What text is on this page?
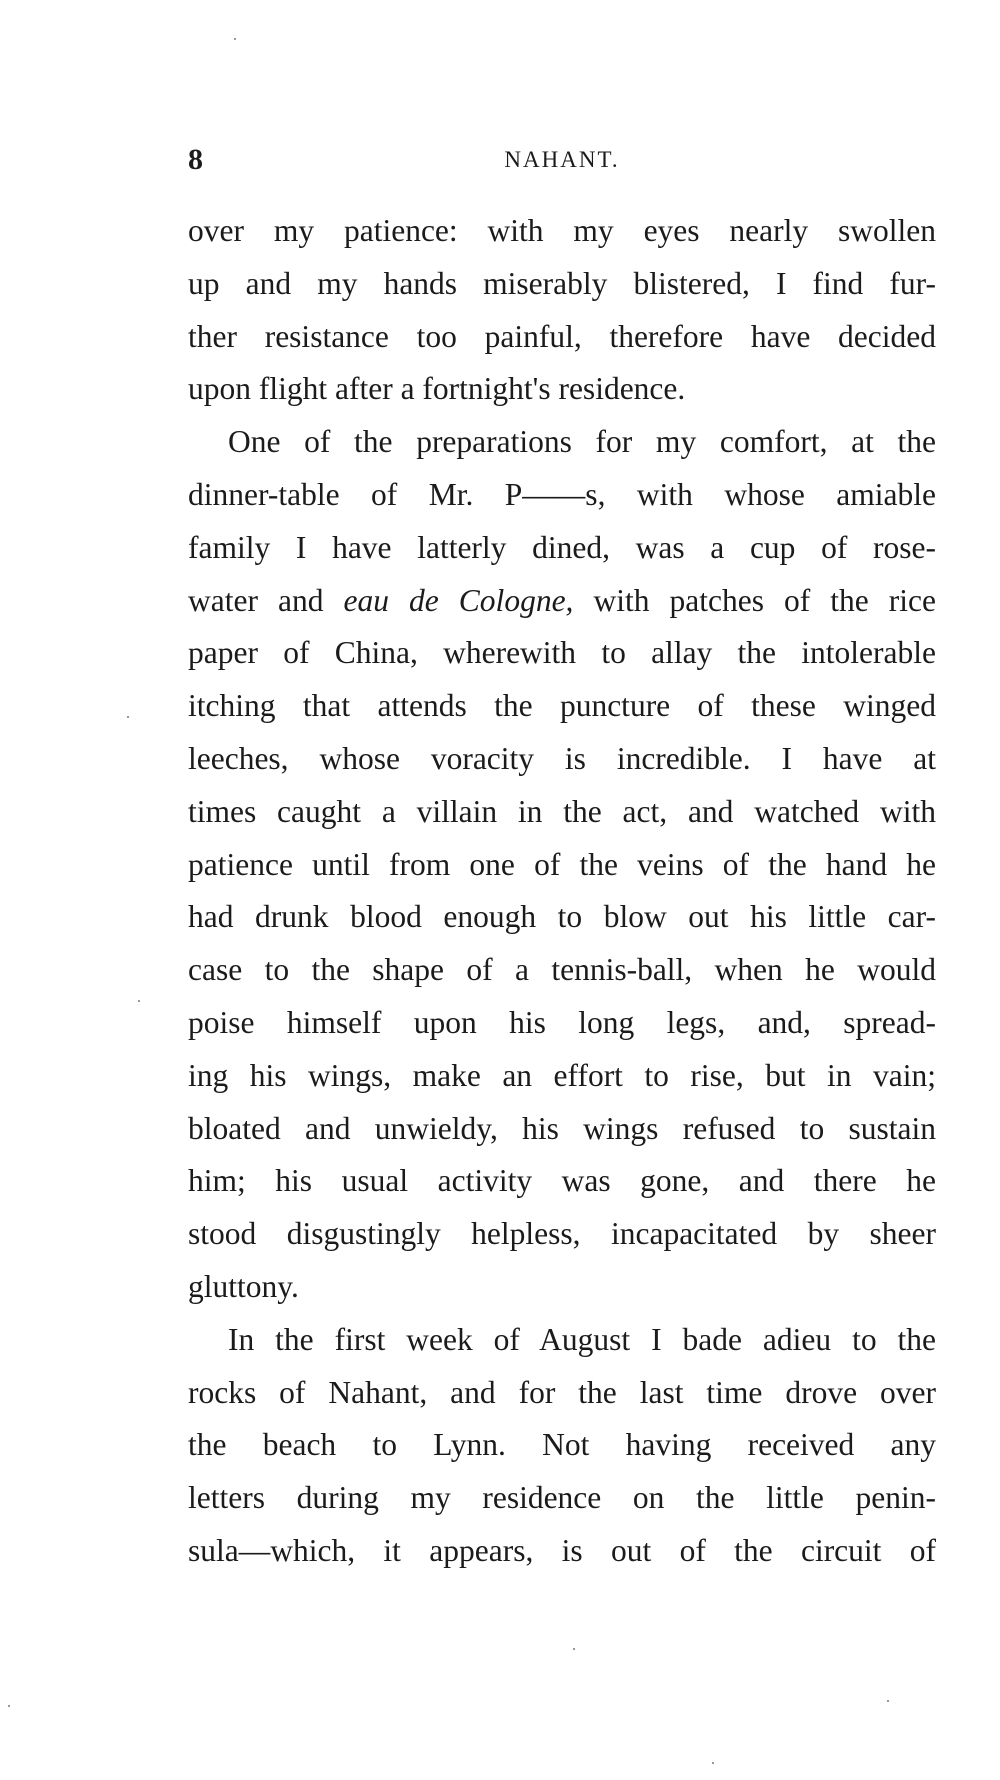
8	NAHANT.
over my patience: with my eyes nearly swollen
up and my hands miserably blistered, I find fur-
ther resistance too painful, therefore have decided
upon flight after a fortnight's residence.
One of the preparations for my comfort, at the
dinner-table of Mr. P——s, with whose amiable
family I have latterly dined, was a cup of rose-
water and eau de Cologne, with patches of the rice
paper of China, wherewith to allay the intolerable
itching that attends the puncture of these winged
leeches, whose voracity is incredible. I have at
times caught a villain in the act, and watched with
patience until from one of the veins of the hand he
had drunk blood enough to blow out his little car-
case to the shape of a tennis-ball, when he would
poise himself upon his long legs, and, spread-
ing his wings, make an effort to rise, but in vain;
bloated and unwieldy, his wings refused to sustain
him; his usual activity was gone, and there he
stood disgustingly helpless, incapacitated by sheer
gluttony.
In the first week of August I bade adieu to the
rocks of Nahant, and for the last time drove over
the beach to Lynn. Not having received any
letters during my residence on the little penin-
sula—which, it appears, is out of the circuit of
